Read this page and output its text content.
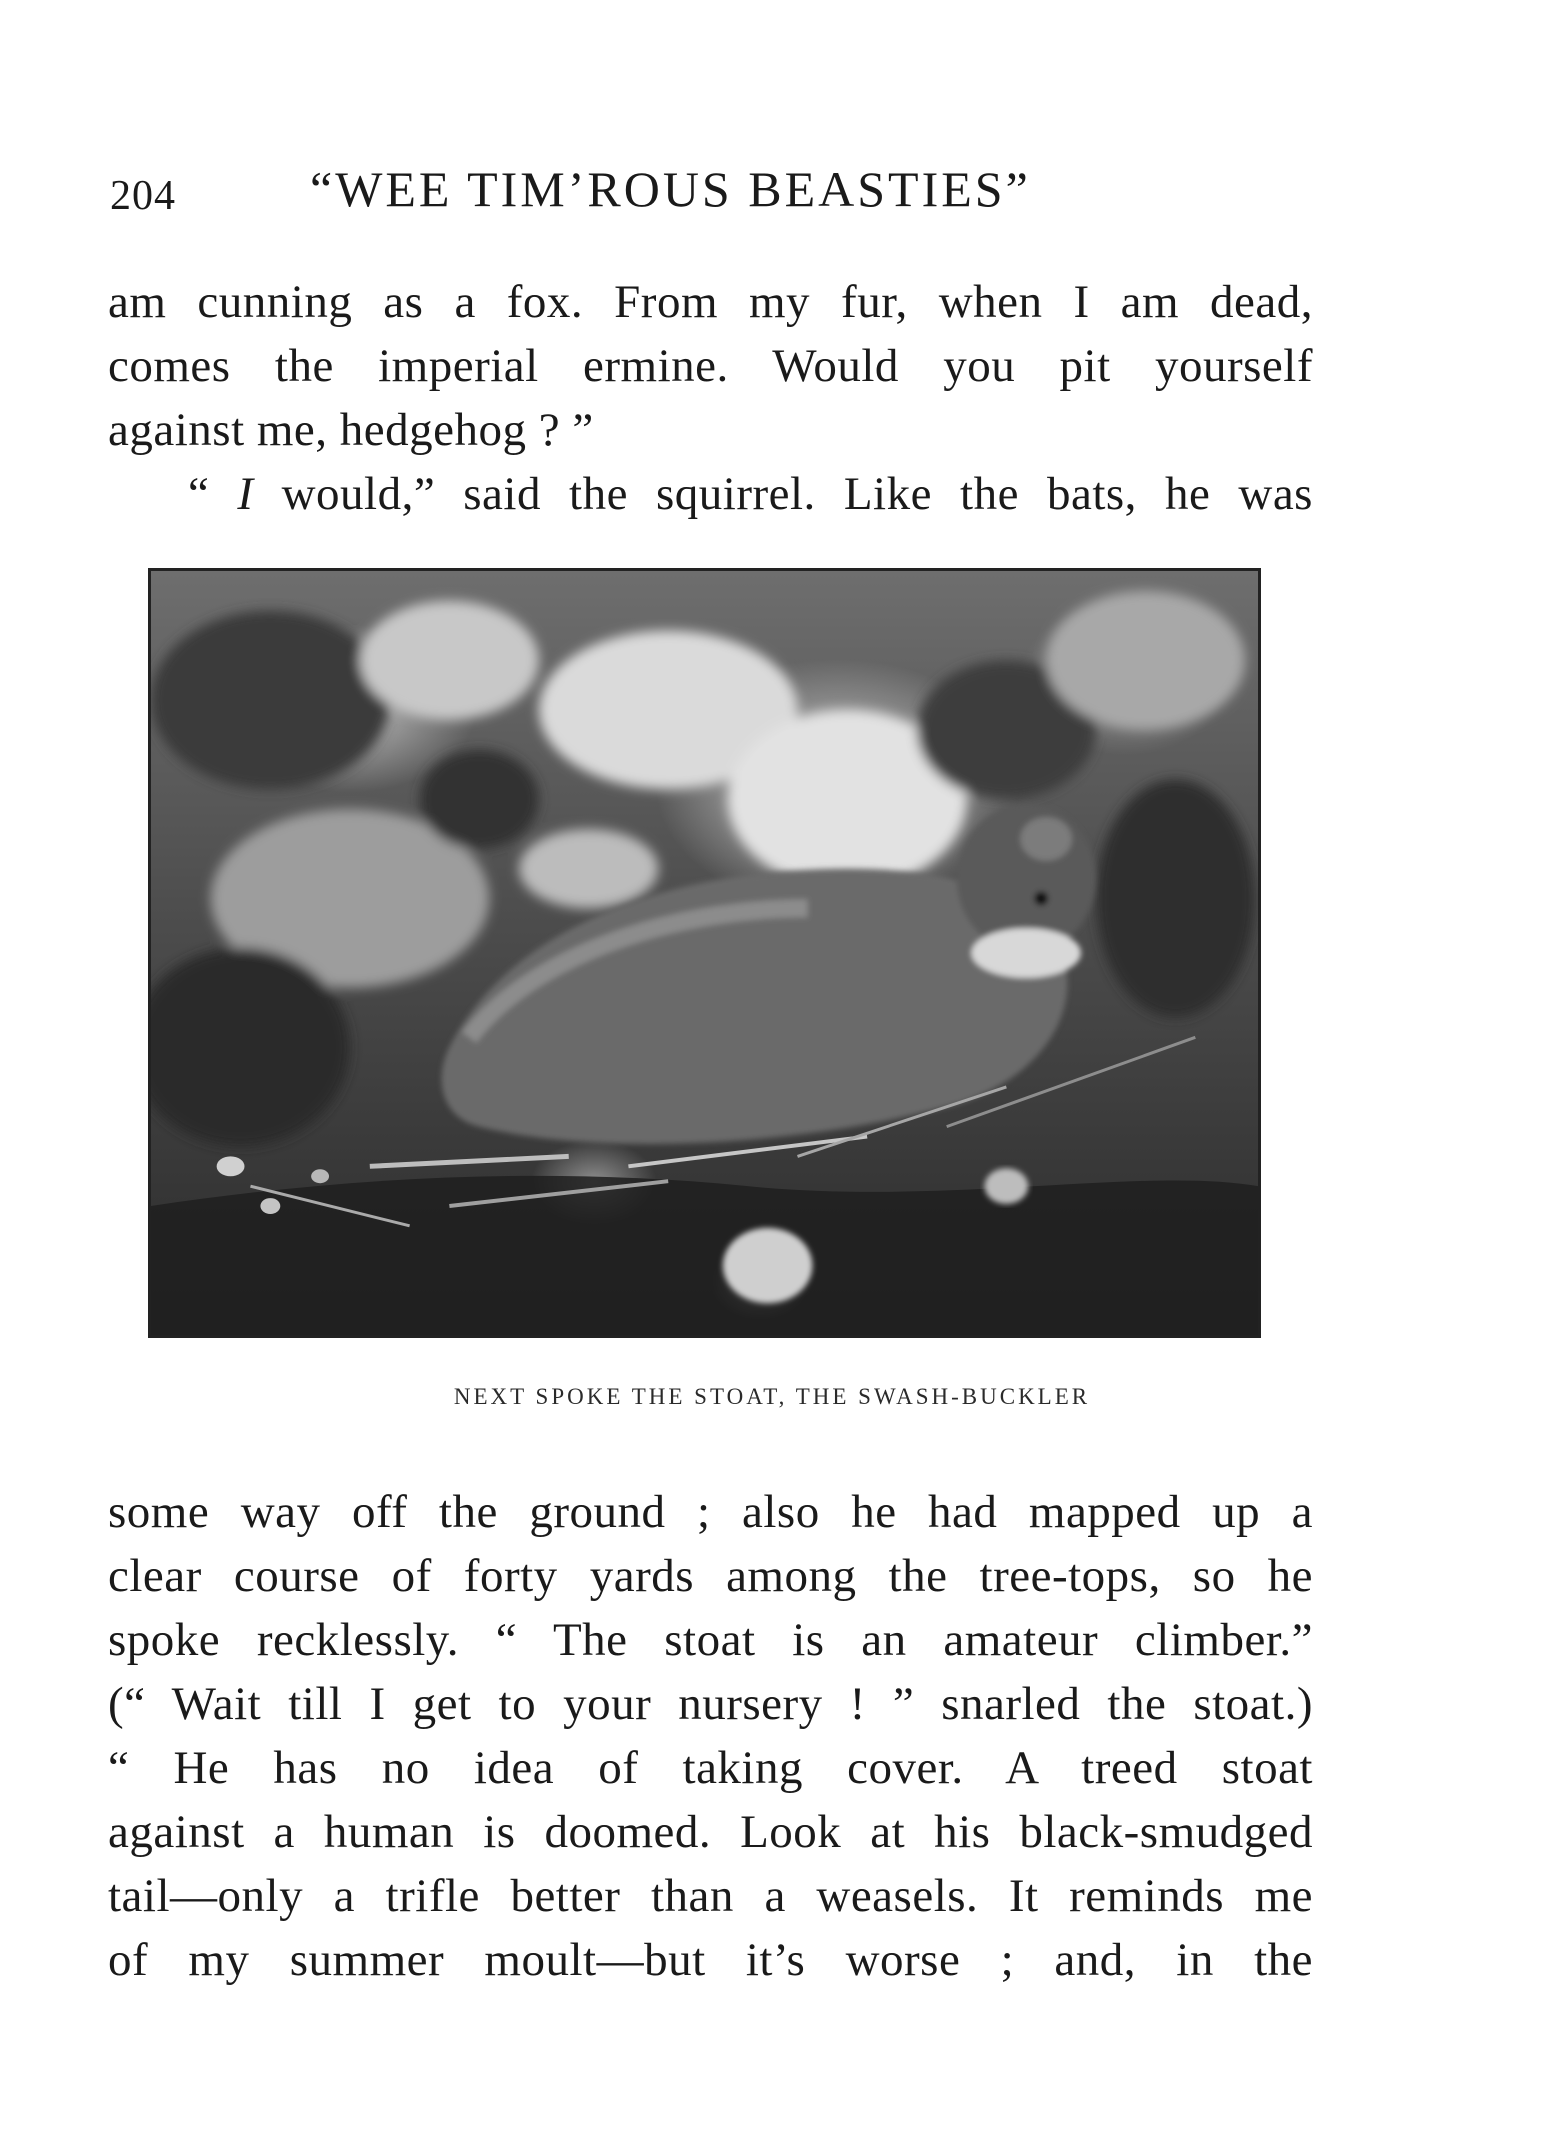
204	“WEE TIM’ROUS BEASTIES”
am cunning as a fox. From my fur, when I am dead,
comes the imperial ermine. Would you pit yourself
against me, hedgehog ? ”
“ I would,” said the squirrel. Like the bats, he was
NEXT SPOKE THE STOAT, THE SWASH-BUCKLER
some way off the ground ; also he had mapped up a
clear course of forty yards among the tree-tops, so he
spoke recklessly. “ The stoat is an amateur climber.”
(“ Wait till I get to your nursery ! ” snarled the stoat.)
“ He has no idea of taking cover. A treed stoat
against a human is doomed. Look at his black-smudged
tail—only a trifle better than a weasels. It reminds me
of my summer moult—but it’s worse ; and, in the
